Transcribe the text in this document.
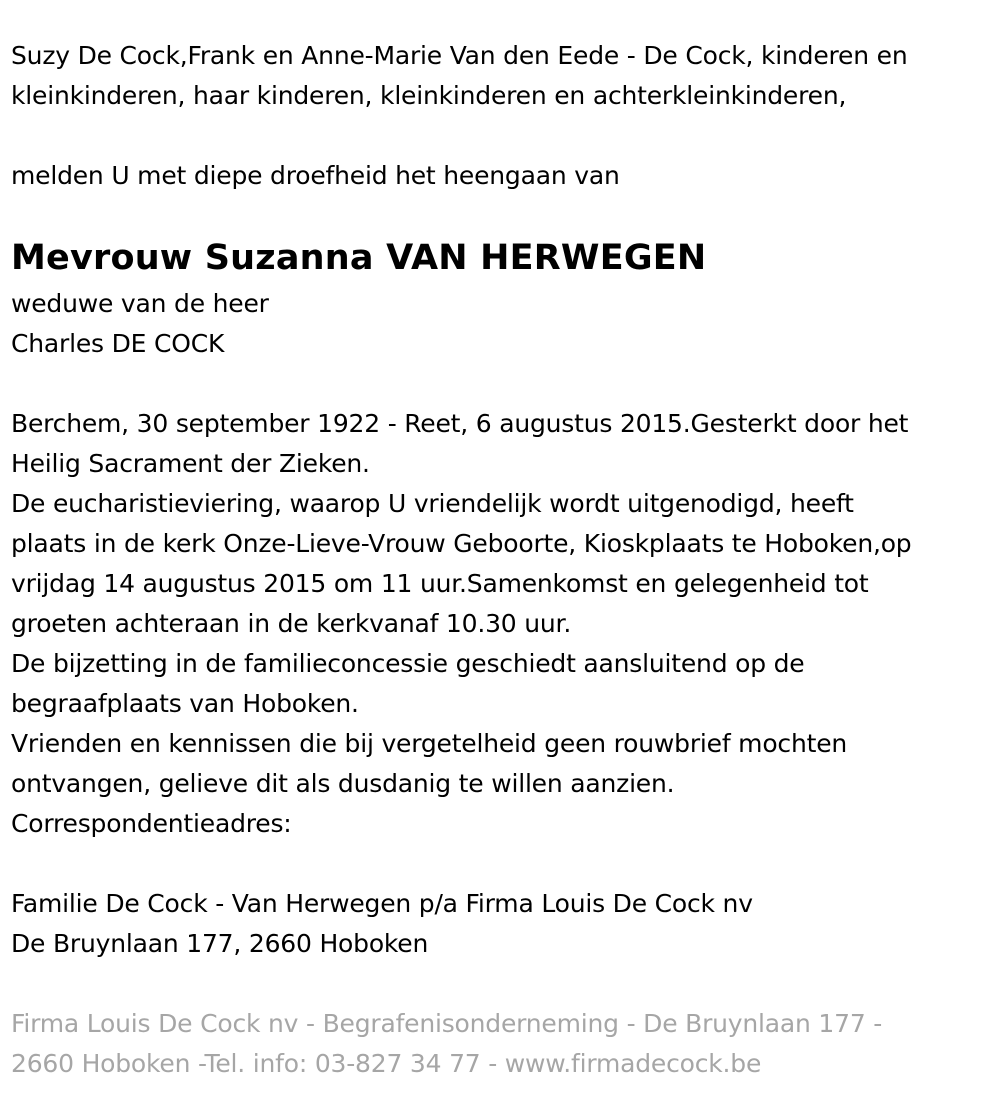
Suzy De Cock,Frank en Anne-Marie Van den Eede - De Cock, kinderen en
kleinkinderen, haar kinderen, kleinkinderen en achterkleinkinderen,
melden U met diepe droefheid het heengaan van
Mevrouw Suzanna VAN HERWEGEN
weduwe van de heer
Charles DE COCK
Berchem, 30 september 1922 - Reet, 6 augustus 2015.Gesterkt door het
Heilig Sacrament der Zieken.
De eucharistieviering, waarop U vriendelijk wordt uitgenodigd, heeft
plaats in de kerk Onze-Lieve-Vrouw Geboorte, Kioskplaats te Hoboken,op
vrijdag 14 augustus 2015 om 11 uur.Samenkomst en gelegenheid tot
groeten achteraan in de kerkvanaf 10.30 uur.
De bijzetting in de familieconcessie geschiedt aansluitend op de
begraafplaats van Hoboken.
Vrienden en kennissen die bij vergetelheid geen rouwbrief mochten
ontvangen, gelieve dit als dusdanig te willen aanzien.
Correspondentieadres:
Familie De Cock - Van Herwegen p/a Firma Louis De Cock nv
De Bruynlaan 177, 2660 Hoboken
Firma Louis De Cock nv - Begrafenisonderneming - De Bruynlaan 177 -
2660 Hoboken -Tel. info: 03-827 34 77 - www.firmadecock.be
